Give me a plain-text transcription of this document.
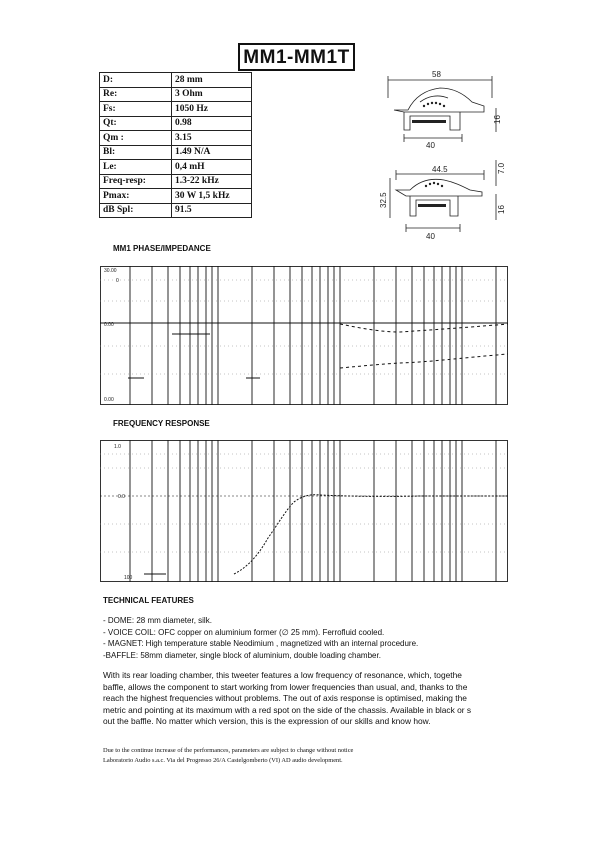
MM1-MM1T
D:	28 mm
Re:	3 Ohm
Fs:	1050 Hz
Qt:	0.98
Qm :	3.15
Bl:	1.49 N/A
Le:	0,4 mH
Freq-resp:	1.3-22 kHz
Pmax:	30 W 1,5 kHz
dB Spl:	91.5
58
16
40
44.5	7.0
32.5
16
40
MM1 PHASE/IMPEDANCE
30.00
0
0.00
0.00
FREQUENCY RESPONSE
1.0
0.0
100
TECHNICAL FEATURES
- DOME: 28 mm diameter, silk.
- VOICE COIL: OFC copper on aluminium former (∅ 25 mm). Ferrofluid cooled.
- MAGNET: High temperature stable Neodimium , magnetized with an internal procedure.
-BAFFLE: 58mm diameter, single block of aluminium, double loading chamber.
With its rear loading chamber, this tweeter features a low frequency of resonance, which, togethe
baffle, allows the component to start working from lower frequencies than usual, and, thanks to the
reach the highest frequencies without problems. The out of axis response is optimised, making the
metric and pointing at its maximum with a red spot on the side of the chassis. Available in black or s
out the baffle. No matter which version, this is the expression of our skills and know how.
Due to the continue increase of the performances, parameters are subject to change without notice
Laboratorio Audio s.a.c. Via del Progresso 26/A Castelgomberto (VI) AD audio development.
